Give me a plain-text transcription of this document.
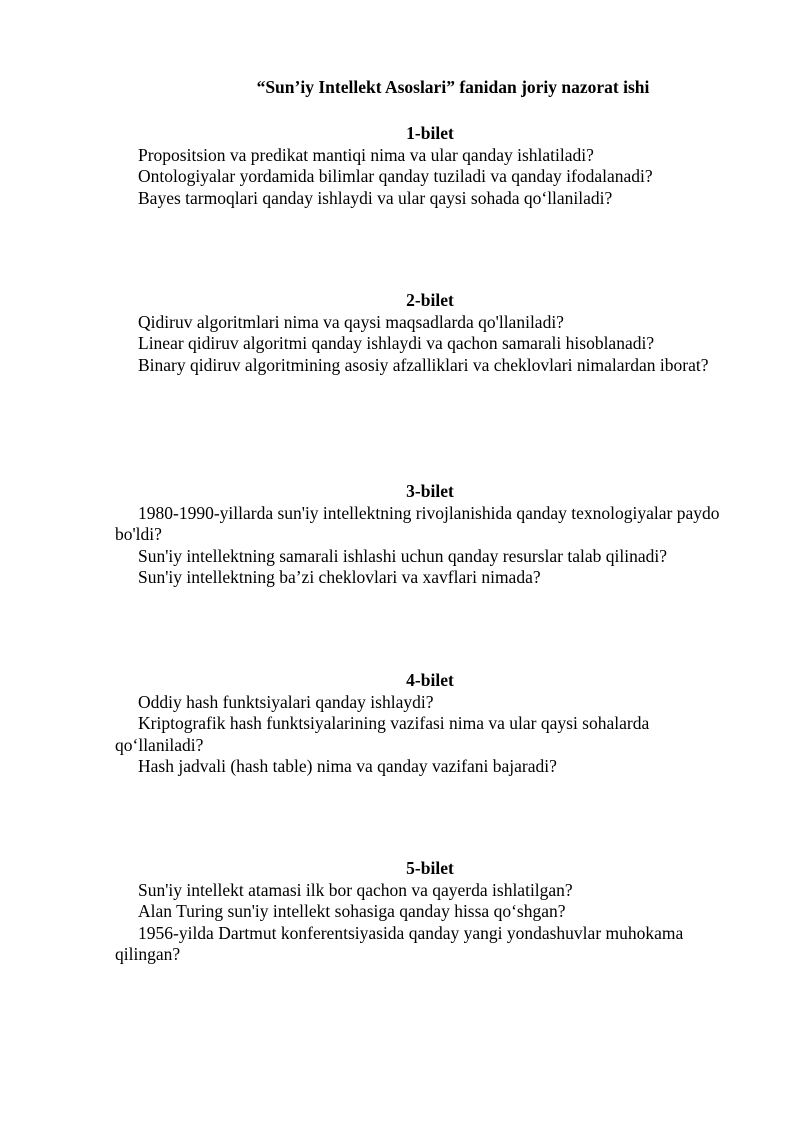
“Sun’iy Intellekt Asoslari” fanidan joriy nazorat ishi
1-bilet

Propositsion va predikat mantiqi nima va ular qanday ishlatiladi?

Ontologiyalar yordamida bilimlar qanday tuziladi va qanday ifodalanadi?

Bayes tarmoqlari qanday ishlaydi va ular qaysi sohada qo‘llaniladi?

2-bilet

Qidiruv algoritmlari nima va qaysi maqsadlarda qo'llaniladi?

Linear qidiruv algoritmi qanday ishlaydi va qachon samarali hisoblanadi?

Binary qidiruv algoritmining asosiy afzalliklari va cheklovlari nimalardan iborat?

3-bilet

1980-1990-yillarda sun'iy intellektning rivojlanishida qanday texnologiyalar paydo bo'ldi?

Sun'iy intellektning samarali ishlashi uchun qanday resurslar talab qilinadi?

Sun'iy intellektning ba’zi cheklovlari va xavflari nimada?

4-bilet

Oddiy hash funktsiyalari qanday ishlaydi?

Kriptografik hash funktsiyalarining vazifasi nima va ular qaysi sohalarda qo‘llaniladi?

Hash jadvali (hash table) nima va qanday vazifani bajaradi?

5-bilet

Sun'iy intellekt atamasi ilk bor qachon va qayerda ishlatilgan?

Alan Turing sun'iy intellekt sohasiga qanday hissa qo‘shgan?

1956-yilda Dartmut konferentsiyasida qanday yangi yondashuvlar muhokama qilingan?
